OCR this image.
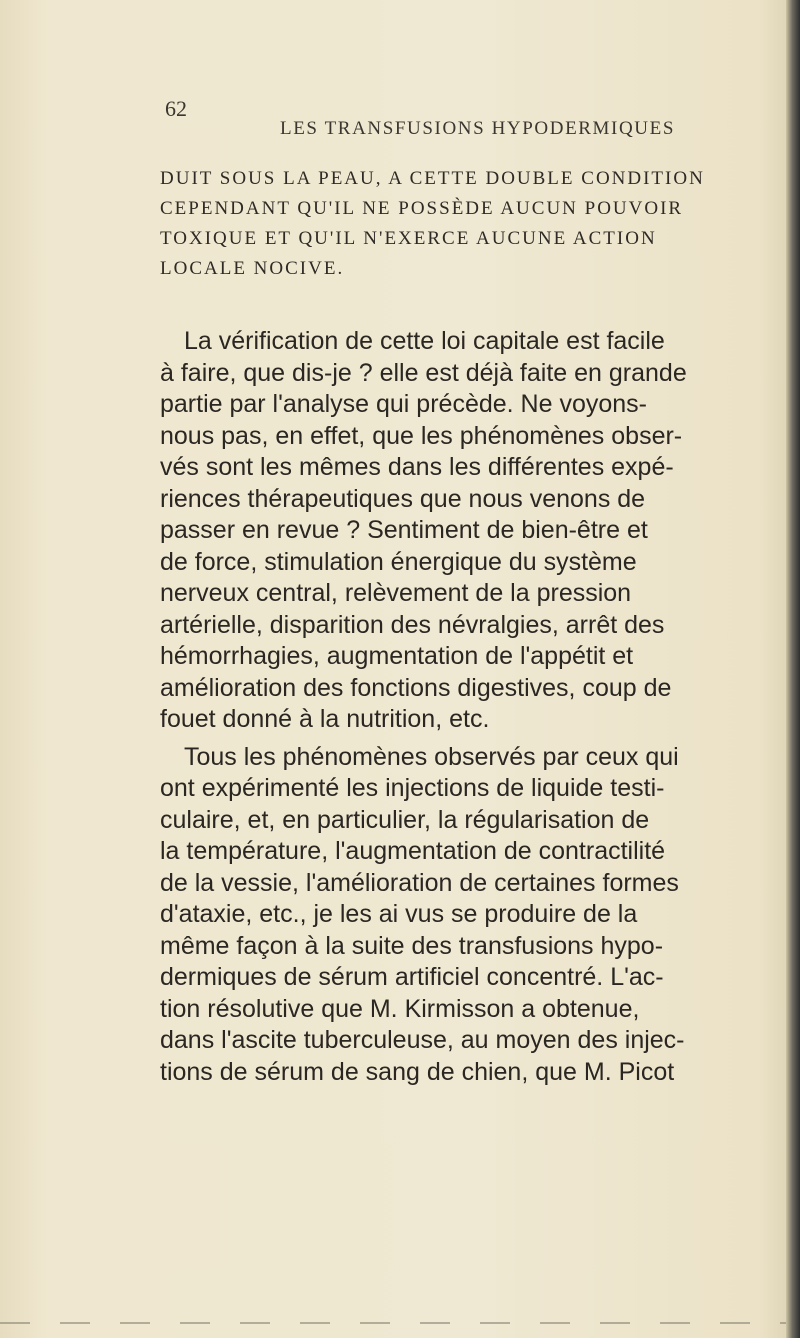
62
LES TRANSFUSIONS HYPODERMIQUES
DUIT SOUS LA PEAU, A CETTE DOUBLE CONDITION
CEPENDANT QU'IL NE POSSÈDE AUCUN POUVOIR
TOXIQUE ET QU'IL N'EXERCE AUCUNE ACTION
LOCALE NOCIVE.
La vérification de cette loi capitale est facile
à faire, que dis-je ? elle est déjà faite en grande
partie par l'analyse qui précède. Ne voyons-
nous pas, en effet, que les phénomènes obser-
vés sont les mêmes dans les différentes expé-
riences thérapeutiques que nous venons de
passer en revue ? Sentiment de bien-être et
de force, stimulation énergique du système
nerveux central, relèvement de la pression
artérielle, disparition des névralgies, arrêt des
hémorrhagies, augmentation de l'appétit et
amélioration des fonctions digestives, coup de
fouet donné à la nutrition, etc.
Tous les phénomènes observés par ceux qui
ont expérimenté les injections de liquide testi-
culaire, et, en particulier, la régularisation de
la température, l'augmentation de contractilité
de la vessie, l'amélioration de certaines formes
d'ataxie, etc., je les ai vus se produire de la
même façon à la suite des transfusions hypo-
dermiques de sérum artificiel concentré. L'ac-
tion résolutive que M. Kirmisson a obtenue,
dans l'ascite tuberculeuse, au moyen des injec-
tions de sérum de sang de chien, que M. Picot
